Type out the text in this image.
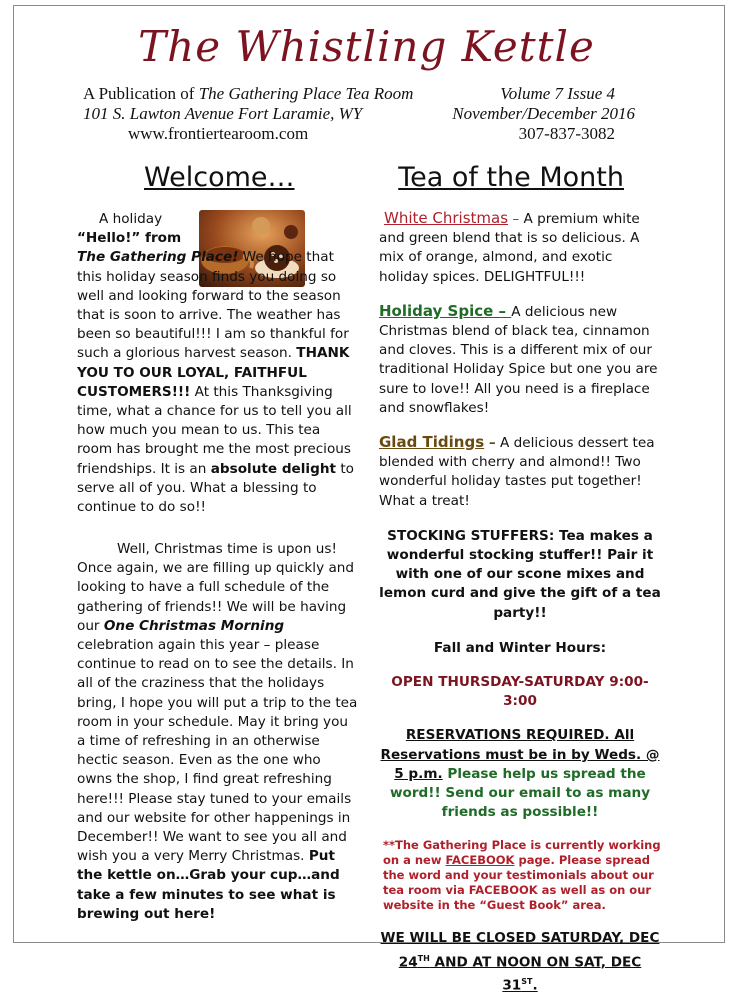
The Whistling Kettle
A Publication of The Gathering Place Tea Room
101 S. Lawton Avenue Fort Laramie, WY
www.frontiertearoom.com
Volume 7 Issue 4
November/December 2016
307-837-3082
Welcome…	Tea of the Month

A holiday

“Hello!” from

The Gathering Place! We hope that this holiday season finds you doing so well and looking forward to the season that is soon to arrive. The weather has been so beautiful!!! I am so thankful for such a glorious harvest season. THANK YOU TO OUR LOYAL, FAITHFUL CUSTOMERS!!! At this Thanksgiving time, what a chance for us to tell you all how much you mean to us. This tea room has brought me the most precious friendships. It is an absolute delight to serve all of you. What a blessing to continue to do so!!

Well, Christmas time is upon us! Once again, we are filling up quickly and looking to have a full schedule of the gathering of friends!! We will be having our One Christmas Morning celebration again this year – please continue to read on to see the details. In all of the craziness that the holidays bring, I hope you will put a trip to the tea room in your schedule. May it bring you a time of refreshing in an otherwise hectic season. Even as the one who owns the shop, I find great refreshing here!!! Please stay tuned to your emails and our website for other happenings in December!! We want to see you all and wish you a very Merry Christmas. Put the kettle on…Grab your cup…and take a few minutes to see what is brewing out here!

White Christmas – A premium white and green blend that is so delicious. A mix of orange, almond, and exotic holiday spices. DELIGHTFUL!!!

Holiday Spice – A delicious new Christmas blend of black tea, cinnamon and cloves. This is a different mix of our traditional Holiday Spice but one you are sure to love!! All you need is a fireplace and snowflakes!

Glad Tidings – A delicious dessert tea blended with cherry and almond!! Two wonderful holiday tastes put together! What a treat!

STOCKING STUFFERS: Tea makes a wonderful stocking stuffer!! Pair it with one of our scone mixes and lemon curd and give the gift of a tea party!!

Fall and Winter Hours:

OPEN THURSDAY-SATURDAY 9:00-3:00

RESERVATIONS REQUIRED. All Reservations must be in by Weds. @ 5 p.m. Please help us spread the word!! Send our email to as many friends as possible!!

**The Gathering Place is currently working on a new FACEBOOK page. Please spread the word and your testimonials about our tea room via FACEBOOK as well as on our website in the “Guest Book” area.

WE WILL BE CLOSED SATURDAY, DEC 24TH AND AT NOON ON SAT, DEC 31ST.
